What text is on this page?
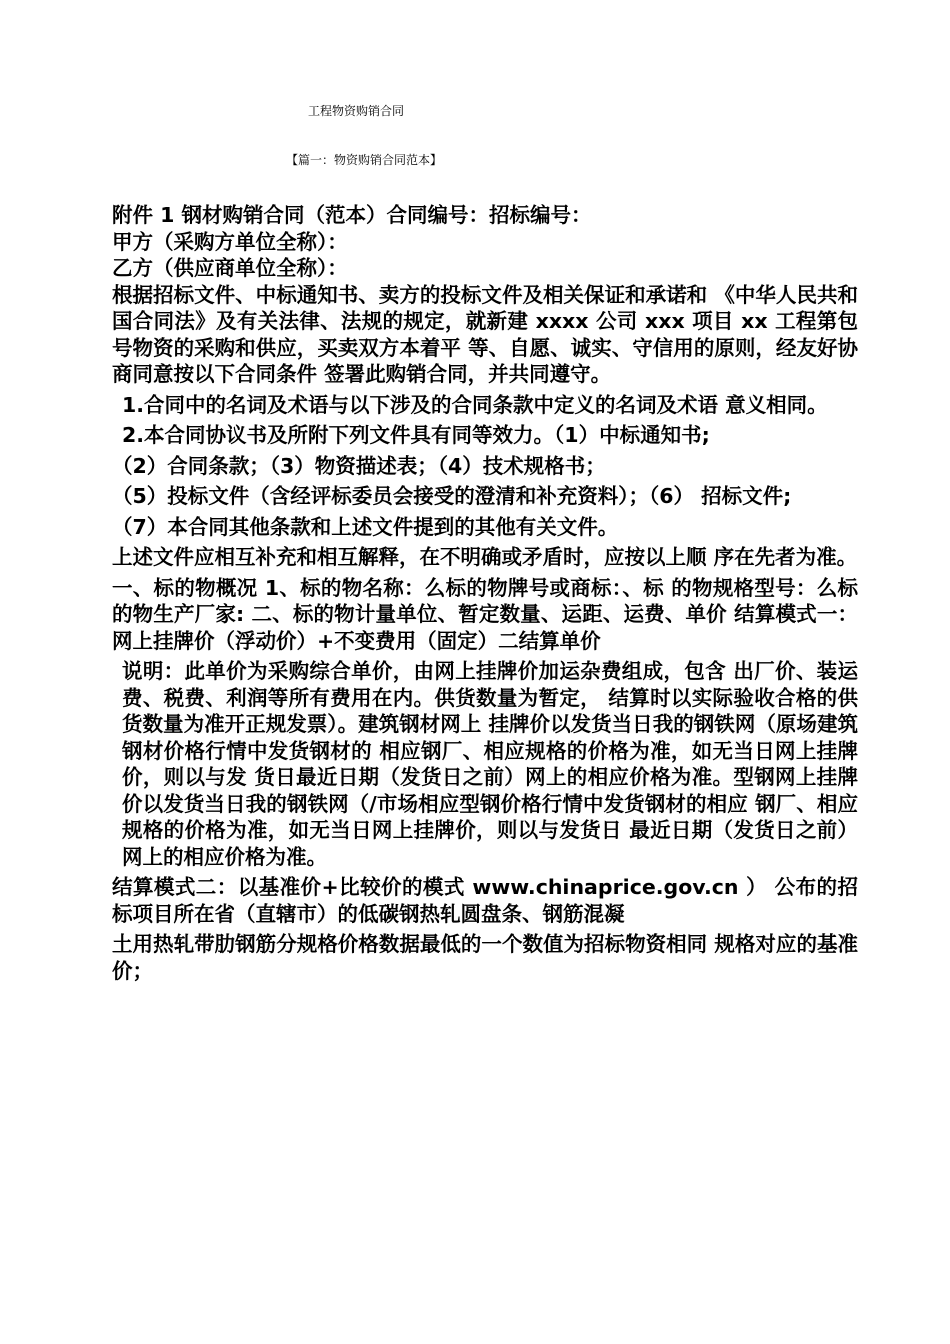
工程物资购销合同
【篇一：物资购销合同范本】

附件 1 钢材购销合同（范本）合同编号：招标编号：

甲方（采购方单位全称）：

乙方（供应商单位全称）：

根据招标文件、中标通知书、卖方的投标文件及相关保证和承诺和 《中华人民共和国合同法》及有关法律、法规的规定，就新建 xxxx 公司 xxx 项目 xx 工程第包号物资的采购和供应，买卖双方本着平 等、自愿、诚实、守信用的原则，经友好协商同意按以下合同条件 签署此购销合同，并共同遵守。

1.合同中的名词及术语与以下涉及的合同条款中定义的名词及术语 意义相同。

2.本合同协议书及所附下列文件具有同等效力。（1）中标通知书;

（2）合同条款；（3）物资描述表；（4）技术规格书；

（5）投标文件（含经评标委员会接受的澄清和补充资料）；（6） 招标文件;

（7）本合同其他条款和上述文件提到的其他有关文件。

上述文件应相互补充和相互解释，在不明确或矛盾时，应按以上顺 序在先者为准。

一、标的物概况 1、标的物名称：么标的物牌号或商标：、标 的物规格型号：么标的物生产厂家: 二、标的物计量单位、暂定数量、运距、运费、单价 结算模式一：网上挂牌价（浮动价）+不变费用（固定）二结算单价

说明：此单价为采购综合单价，由网上挂牌价加运杂费组成，包含 出厂价、装运费、税费、利润等所有费用在内。供货数量为暂定， 结算时以实际验收合格的供货数量为准开正规发票）。建筑钢材网上 挂牌价以发货当日我的钢铁网（原场建筑钢材价格行情中发货钢材的 相应钢厂、相应规格的价格为准，如无当日网上挂牌价，则以与发 货日最近日期（发货日之前）网上的相应价格为准。型钢网上挂牌 价以发货当日我的钢铁网（/市场相应型钢价格行情中发货钢材的相应 钢厂、相应规格的价格为准，如无当日网上挂牌价，则以与发货日 最近日期（发货日之前）网上的相应价格为准。

结算模式二：以基准价+比较价的模式 www.chinaprice.gov.cn ） 公布的招标项目所在省（直辖市）的低碳钢热轧圆盘条、钢筋混凝

土用热轧带肋钢筋分规格价格数据最低的一个数值为招标物资相同 规格对应的基准价；
